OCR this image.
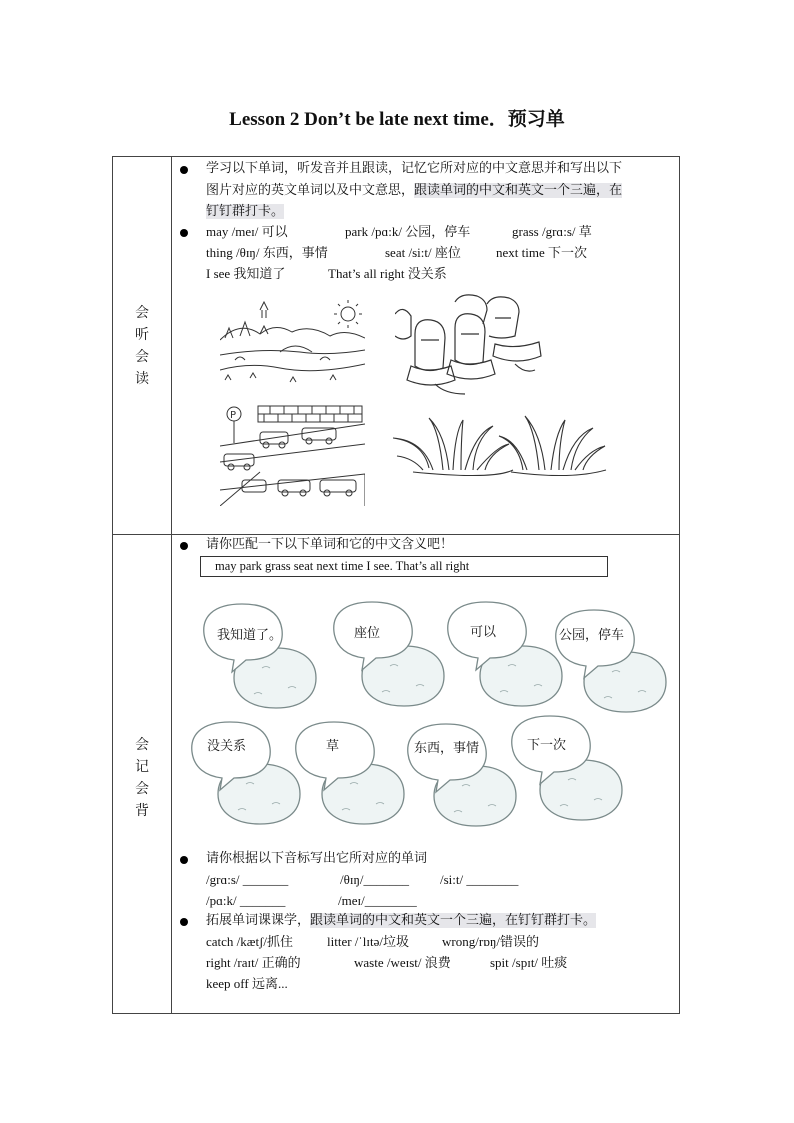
Lesson 2 Don’t be late next time．预习单
会
听
会
读
学习以下单词，听发音并且跟读，记忆它所对应的中文意思并和写出以下
图片对应的英文单词以及中文意思，跟读单词的中文和英文一个三遍，在
钉钉群打卡。
may /meɪ/ 可以	park /pɑ:k/ 公园，停车	grass /grɑ:s/ 草
thing /θɪŋ/ 东西，事情	seat /si:t/ 座位	next time 下一次
I see 我知道了	That’s all right 没关系
P
会
记
会
背
请你匹配一下以下单词和它的中文含义吧！
may park grass seat next time I see. That’s all right
我知道了。	座位	可以	公园，停车
没关系	草	东西，事情	下一次
请你根据以下音标写出它所对应的单词
/grɑ:s/ _______	/θɪŋ/_______ /si:t/ ________
/pɑ:k/ _______	/meɪ/________
拓展单词课课学，跟读单词的中文和英文一个三遍，在钉钉群打卡。
catch /kætʃ/抓住	litter /ˈlɪtə/垃圾	wrong/rɒŋ/错误的
right /raɪt/ 正确的	waste /weɪst/ 浪费	spit /spɪt/ 吐痰
keep off 远离...
